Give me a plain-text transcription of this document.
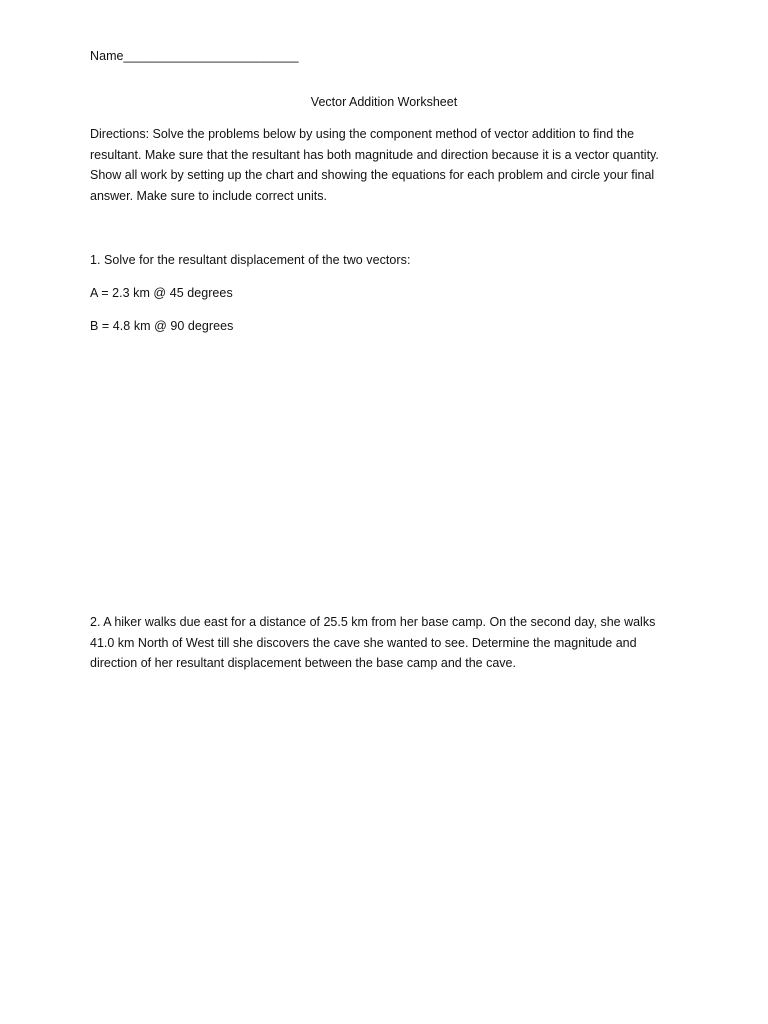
Name_________________________
Vector Addition Worksheet
Directions: Solve the problems below by using the component method of vector addition to find the
resultant. Make sure that the resultant has both magnitude and direction because it is a vector quantity.
Show all work by setting up the chart and showing the equations for each problem and circle your final
answer. Make sure to include correct units.
1. Solve for the resultant displacement of the two vectors:
A = 2.3 km @ 45 degrees
B = 4.8 km @ 90 degrees
2. A hiker walks due east for a distance of 25.5 km from her base camp. On the second day, she walks
41.0 km North of West till she discovers the cave she wanted to see. Determine the magnitude and
direction of her resultant displacement between the base camp and the cave.
